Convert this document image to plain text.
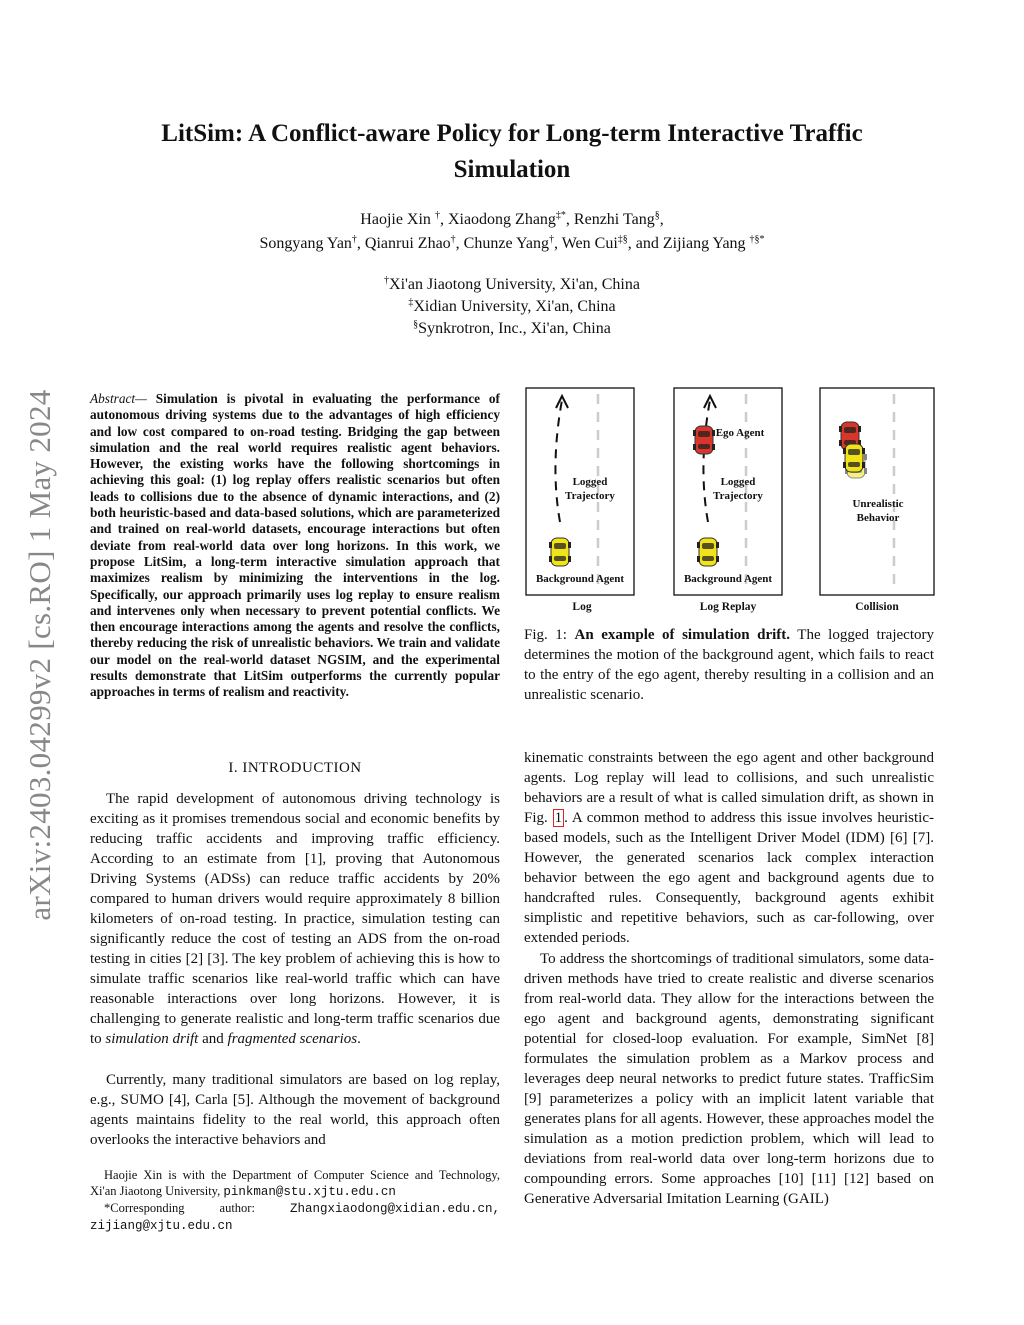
arXiv:2403.04299v2 [cs.RO] 1 May 2024
LitSim: A Conflict-aware Policy for Long-term Interactive Traffic
Simulation
Haojie Xin †, Xiaodong Zhang‡*, Renzhi Tang§,
Songyang Yan†, Qianrui Zhao†, Chunze Yang†, Wen Cui‡§, and Zijiang Yang †§*
†Xi'an Jiaotong University, Xi'an, China
‡Xidian University, Xi'an, China
§Synkrotron, Inc., Xi'an, China
Abstract— Simulation is pivotal in evaluating the performance of autonomous driving systems due to the advantages of high efficiency and low cost compared to on-road testing. Bridging the gap between simulation and the real world requires realistic agent behaviors. However, the existing works have the following shortcomings in achieving this goal: (1) log replay offers realistic scenarios but often leads to collisions due to the absence of dynamic interactions, and (2) both heuristic-based and data-based solutions, which are parameterized and trained on real-world datasets, encourage interactions but often deviate from real-world data over long horizons. In this work, we propose LitSim, a long-term interactive simulation approach that maximizes realism by minimizing the interventions in the log. Specifically, our approach primarily uses log replay to ensure realism and intervenes only when necessary to prevent potential conflicts. We then encourage interactions among the agents and resolve the conflicts, thereby reducing the risk of unrealistic behaviors. We train and validate our model on the real-world dataset NGSIM, and the experimental results demonstrate that LitSim outperforms the currently popular approaches in terms of realism and reactivity.
I. INTRODUCTION

The rapid development of autonomous driving technology is exciting as it promises tremendous social and economic benefits by reducing traffic accidents and improving traffic efficiency. According to an estimate from [1], proving that Autonomous Driving Systems (ADSs) can reduce traffic accidents by 20% compared to human drivers would require approximately 8 billion kilometers of on-road testing. In practice, simulation testing can significantly reduce the cost of testing an ADS from the on-road testing in cities [2] [3]. The key problem of achieving this is how to simulate traffic scenarios like real-world traffic which can have reasonable interactions over long horizons. However, it is challenging to generate realistic and long-term traffic scenarios due to simulation drift and fragmented scenarios.

Currently, many traditional simulators are based on log replay, e.g., SUMO [4], Carla [5]. Although the movement of background agents maintains fidelity to the real world, this approach often overlooks the interactive behaviors and

Haojie Xin is with the Department of Computer Science and Technology, Xi'an Jiaotong University, pinkman@stu.xjtu.edu.cn

*Corresponding author: Zhangxiaodong@xidian.edu.cn, zijiang@xjtu.edu.cn

Logged
Trajectory
Background Agent
Log
Ego Agent
Logged
Trajectory
Background Agent
Log Replay
Unrealistic
Behavior
Collision
Fig. 1: An example of simulation drift. The logged trajectory determines the motion of the background agent, which fails to react to the entry of the ego agent, thereby resulting in a collision and an unrealistic scenario.

kinematic constraints between the ego agent and other background agents. Log replay will lead to collisions, and such unrealistic behaviors are a result of what is called simulation drift, as shown in Fig. 1 . A common method to address this issue involves heuristic-based models, such as the Intelligent Driver Model (IDM) [6] [7]. However, the generated scenarios lack complex interaction behavior between the ego agent and background agents due to handcrafted rules. Consequently, background agents exhibit simplistic and repetitive behaviors, such as car-following, over extended periods.

To address the shortcomings of traditional simulators, some data-driven methods have tried to create realistic and diverse scenarios from real-world data. They allow for the interactions between the ego agent and background agents, demonstrating significant potential for closed-loop evaluation. For example, SimNet [8] formulates the simulation problem as a Markov process and leverages deep neural networks to predict future states. TrafficSim [9] parameterizes a policy with an implicit latent variable that generates plans for all agents. However, these approaches model the simulation as a motion prediction problem, which will lead to deviations from real-world data over long-term horizons due to compounding errors. Some approaches [10] [11] [12] based on Generative Adversarial Imitation Learning (GAIL)
